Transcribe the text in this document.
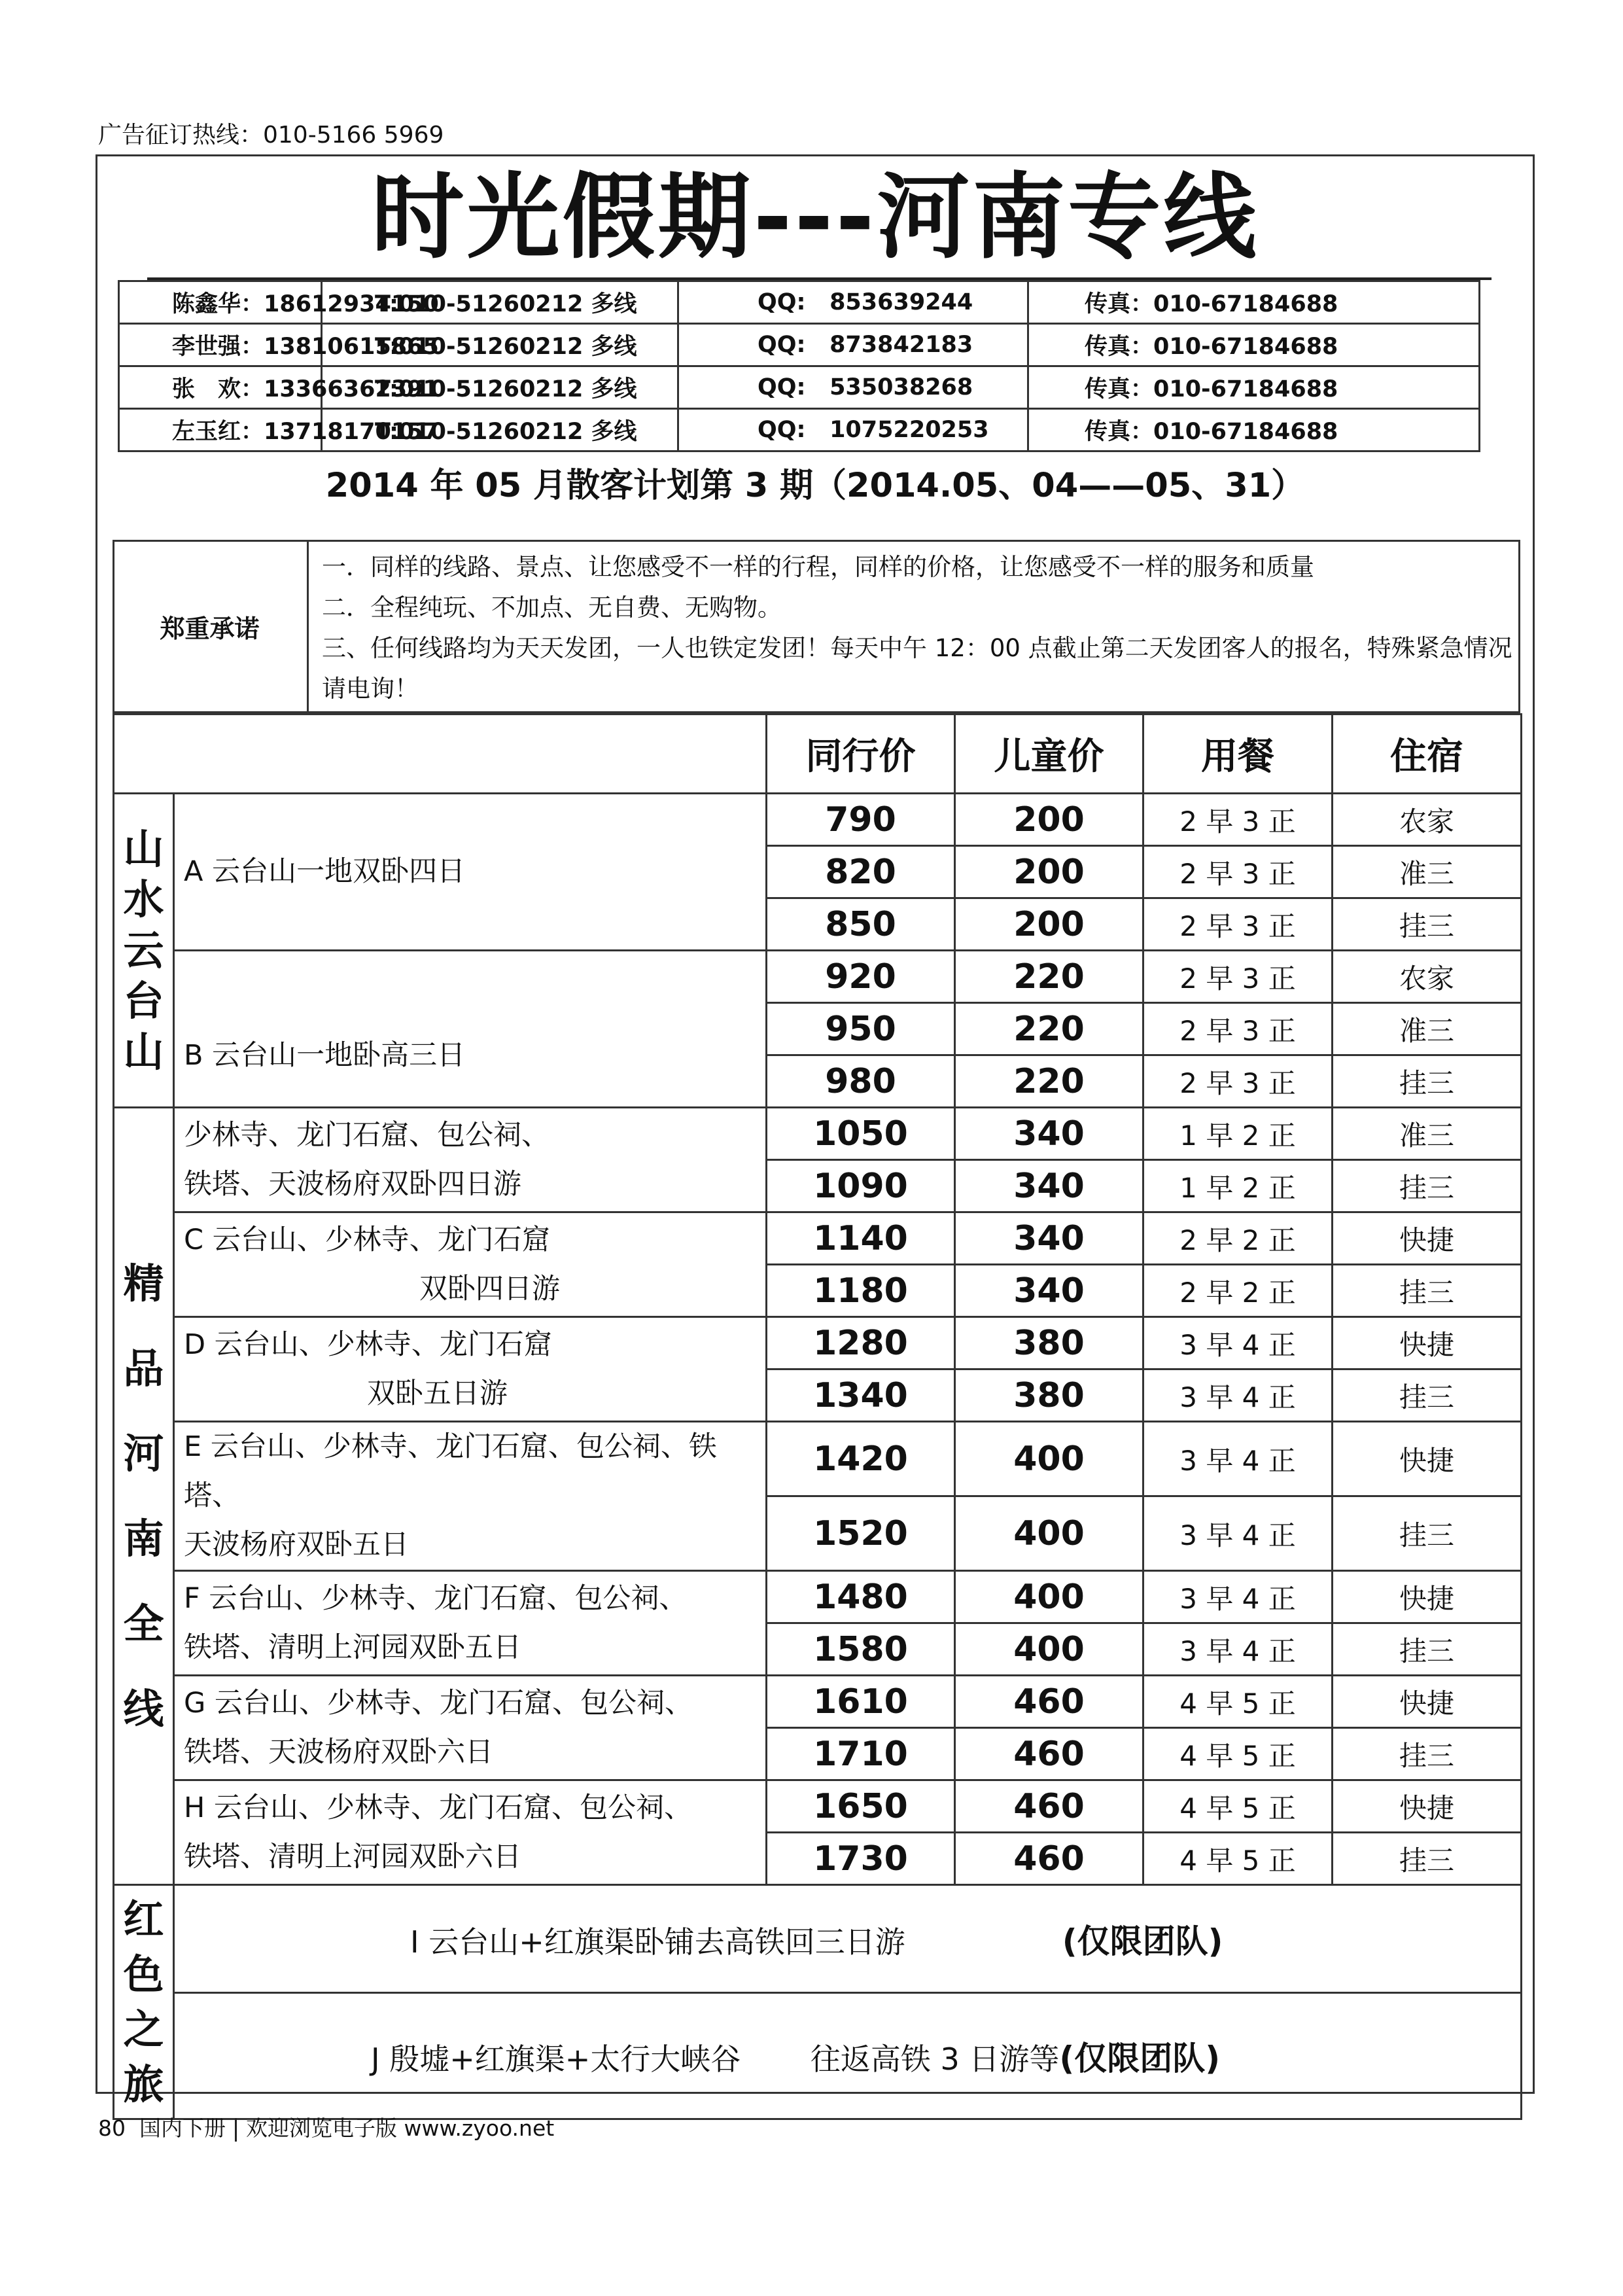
广告征订热线：010-5166 5969
时光假期---河南专线
陈鑫华：18612934150	T:010-51260212 多线	QQ: 853639244	传真：010-67184688
李世强：13810615865	T:010-51260212 多线	QQ: 873842183	传真：010-67184688
张　欢：13366362391	T:010-51260212 多线	QQ: 535038268	传真：010-67184688
左玉红：13718170157	T:010-51260212 多线	QQ: 1075220253	传真：010-67184688
2014 年 05 月散客计划第 3 期（2014.05、04——05、31）
郑重承诺
一．同样的线路、景点、让您感受不一样的行程，同样的价格，让您感受不一样的服务和质量
二．全程纯玩、不加点、无自费、无购物。
三、任何线路均为天天发团，一人也铁定发团！每天中午 12：00 点截止第二天发团客人的报名，特殊紧急情况请电询！
		同行价	儿童价	用餐	住宿

山水云台山	A 云台山一地双卧四日	790	200	2 早 3 正	农家
		820	200	2 早 3 正	准三
		850	200	2 早 3 正	挂三

	B 云台山一地卧高三日	920	220	2 早 3 正	农家
		950	220	2 早 3 正	准三
		980	220	2 早 3 正	挂三

精品河南全线	少林寺、龙门石窟、包公祠、
铁塔、天波杨府双卧四日游	1050	340	1 早 2 正	准三
		1090	340	1 早 2 正	挂三

	C 云台山、少林寺、龙门石窟
双卧四日游	1140	340	2 早 2 正	快捷
		1180	340	2 早 2 正	挂三

	D 云台山、少林寺、龙门石窟
双卧五日游	1280	380	3 早 4 正	快捷
		1340	380	3 早 4 正	挂三

	E 云台山、少林寺、龙门石窟、包公祠、铁塔、
天波杨府双卧五日	1420	400	3 早 4 正	快捷
		1520	400	3 早 4 正	挂三

	F 云台山、少林寺、龙门石窟、包公祠、
铁塔、清明上河园双卧五日	1480	400	3 早 4 正	快捷
		1580	400	3 早 4 正	挂三

	G 云台山、少林寺、龙门石窟、包公祠、
铁塔、天波杨府双卧六日	1610	460	4 早 5 正	快捷
		1710	460	4 早 5 正	挂三

	H 云台山、少林寺、龙门石窟、包公祠、
铁塔、清明上河园双卧六日	1650	460	4 早 5 正	快捷
		1730	460	4 早 5 正	挂三

红色之旅	I 云台山+红旗渠卧铺去高铁回三日游 (仅限团队)				
	J 殷墟+红旗渠+太行大峡谷　　 往返高铁 3 日游等(仅限团队)				
80 国内下册 欢迎浏览电子版 www.zyoo.net
